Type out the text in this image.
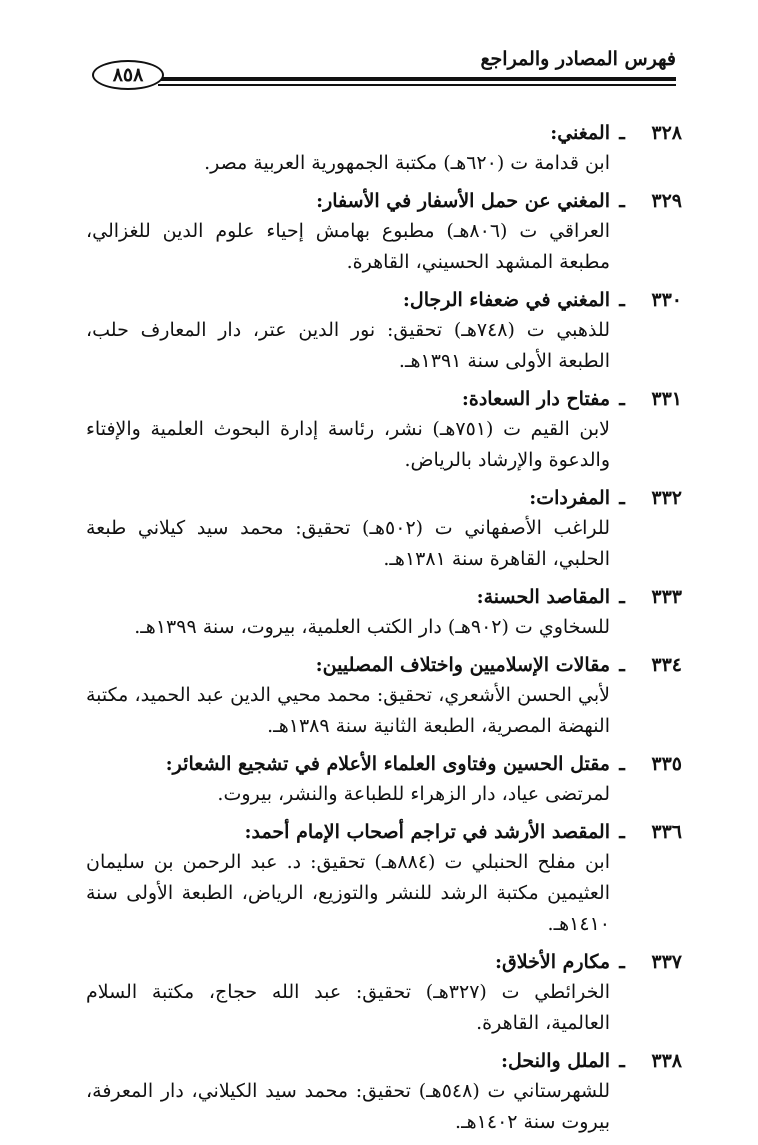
فهرس المصادر والمراجع
٨٥٨
٣٢٨
ـ
المغني:
ابن قدامة ت (٦٢٠هـ) مكتبة الجمهورية العربية مصر.
٣٢٩
ـ
المغني عن حمل الأسفار في الأسفار:
العراقي ت (٨٠٦هـ) مطبوع بهامش إحياء علوم الدين للغزالي، مطبعة المشهد الحسيني، القاهرة.
٣٣٠
ـ
المغني في ضعفاء الرجال:
للذهبي ت (٧٤٨هـ) تحقيق: نور الدين عتر، دار المعارف حلب، الطبعة الأولى سنة ١٣٩١هـ.
٣٣١
ـ
مفتاح دار السعادة:
لابن القيم ت (٧٥١هـ) نشر، رئاسة إدارة البحوث العلمية والإفتاء والدعوة والإرشاد بالرياض.
٣٣٢
ـ
المفردات:
للراغب الأصفهاني ت (٥٠٢هـ) تحقيق: محمد سيد كيلاني طبعة الحلبي، القاهرة سنة ١٣٨١هـ.
٣٣٣
ـ
المقاصد الحسنة:
للسخاوي ت (٩٠٢هـ) دار الكتب العلمية، بيروت، سنة ١٣٩٩هـ.
٣٣٤
ـ
مقالات الإسلاميين واختلاف المصليين:
لأبي الحسن الأشعري، تحقيق: محمد محيي الدين عبد الحميد، مكتبة النهضة المصرية، الطبعة الثانية سنة ١٣٨٩هـ.
٣٣٥
ـ
مقتل الحسين وفتاوى العلماء الأعلام في تشجيع الشعائر:
لمرتضى عياد، دار الزهراء للطباعة والنشر، بيروت.
٣٣٦
ـ
المقصد الأرشد في تراجم أصحاب الإمام أحمد:
ابن مفلح الحنبلي ت (٨٨٤هـ) تحقيق: د. عبد الرحمن بن سليمان العثيمين مكتبة الرشد للنشر والتوزيع، الرياض، الطبعة الأولى سنة ١٤١٠هـ.
٣٣٧
ـ
مكارم الأخلاق:
الخرائطي ت (٣٢٧هـ) تحقيق: عبد الله حجاج، مكتبة السلام العالمية، القاهرة.
٣٣٨
ـ
الملل والنحل:
للشهرستاني ت (٥٤٨هـ) تحقيق: محمد سيد الكيلاني، دار المعرفة، بيروت سنة ١٤٠٢هـ.
